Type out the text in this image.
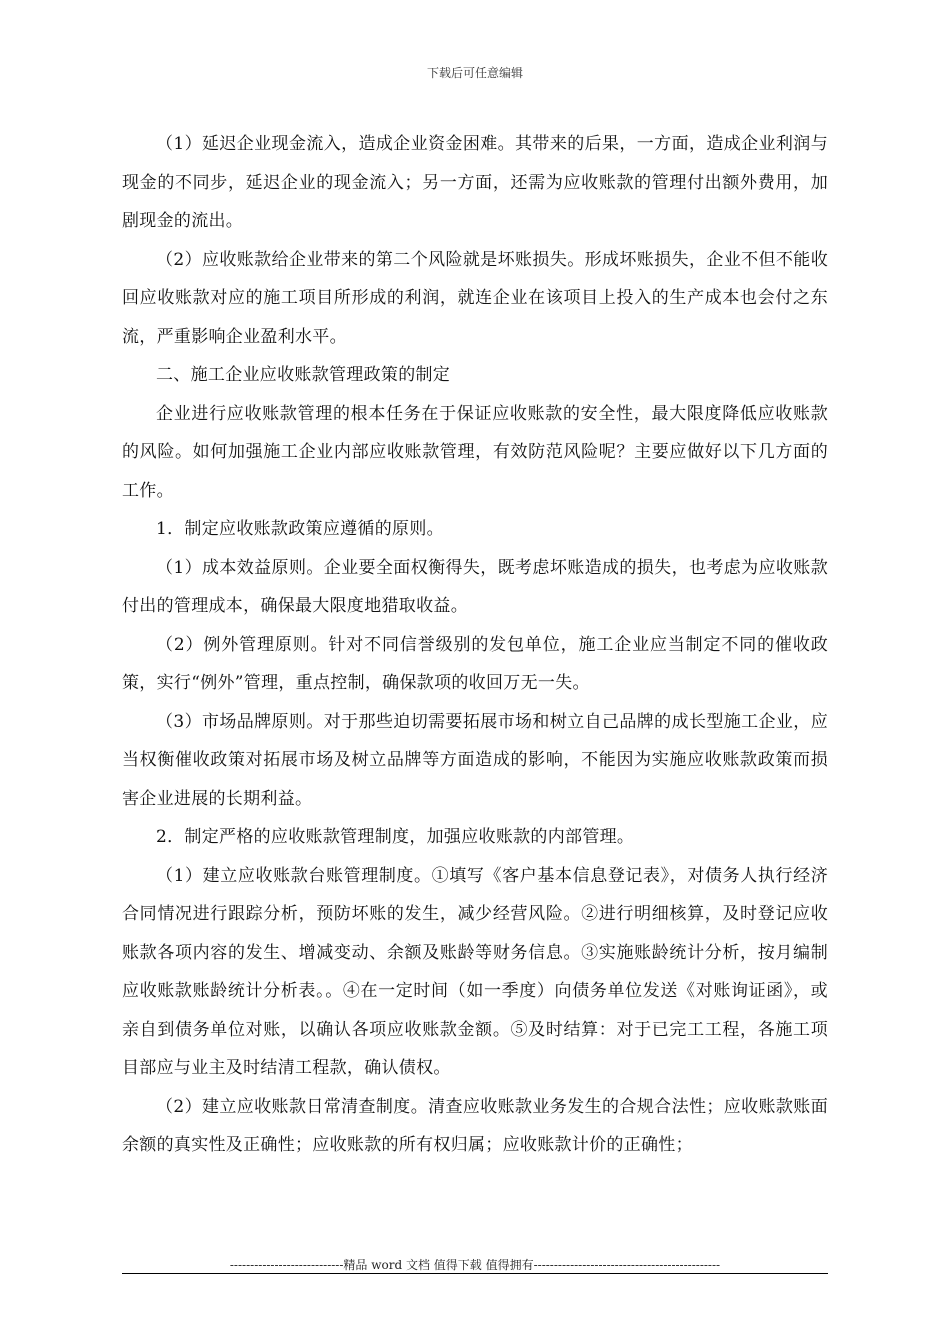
下载后可任意编辑

（1）延迟企业现金流入，造成企业资金困难。其带来的后果，一方面，造成企业利润与现金的不同步，延迟企业的现金流入；另一方面，还需为应收账款的管理付出额外费用，加剧现金的流出。

（2）应收账款给企业带来的第二个风险就是坏账损失。形成坏账损失，企业不但不能收回应收账款对应的施工项目所形成的利润，就连企业在该项目上投入的生产成本也会付之东流，严重影响企业盈利水平。

二、施工企业应收账款管理政策的制定

企业进行应收账款管理的根本任务在于保证应收账款的安全性，最大限度降低应收账款的风险。如何加强施工企业内部应收账款管理，有效防范风险呢？主要应做好以下几方面的工作。

1．制定应收账款政策应遵循的原则。

（1）成本效益原则。企业要全面权衡得失，既考虑坏账造成的损失，也考虑为应收账款付出的管理成本，确保最大限度地猎取收益。

（2）例外管理原则。针对不同信誉级别的发包单位，施工企业应当制定不同的催收政策，实行“例外”管理，重点控制，确保款项的收回万无一失。

（3）市场品牌原则。对于那些迫切需要拓展市场和树立自己品牌的成长型施工企业，应当权衡催收政策对拓展市场及树立品牌等方面造成的影响，不能因为实施应收账款政策而损害企业进展的长期利益。

2．制定严格的应收账款管理制度，加强应收账款的内部管理。

（1）建立应收账款台账管理制度。①填写《客户基本信息登记表》，对债务人执行经济合同情况进行跟踪分析，预防坏账的发生，减少经营风险。②进行明细核算，及时登记应收账款各项内容的发生、增减变动、余额及账龄等财务信息。③实施账龄统计分析，按月编制应收账款账龄统计分析表。。④在一定时间（如一季度）向债务单位发送《对账询证函》，或亲自到债务单位对账，以确认各项应收账款金额。⑤及时结算：对于已完工工程，各施工项目部应与业主及时结清工程款，确认债权。

（2）建立应收账款日常清查制度。清查应收账款业务发生的合规合法性；应收账款账面余额的真实性及正确性；应收账款的所有权归属；应收账款计价的正确性；

----------------------------精品 word 文档 值得下载 值得拥有----------------------------------------------
